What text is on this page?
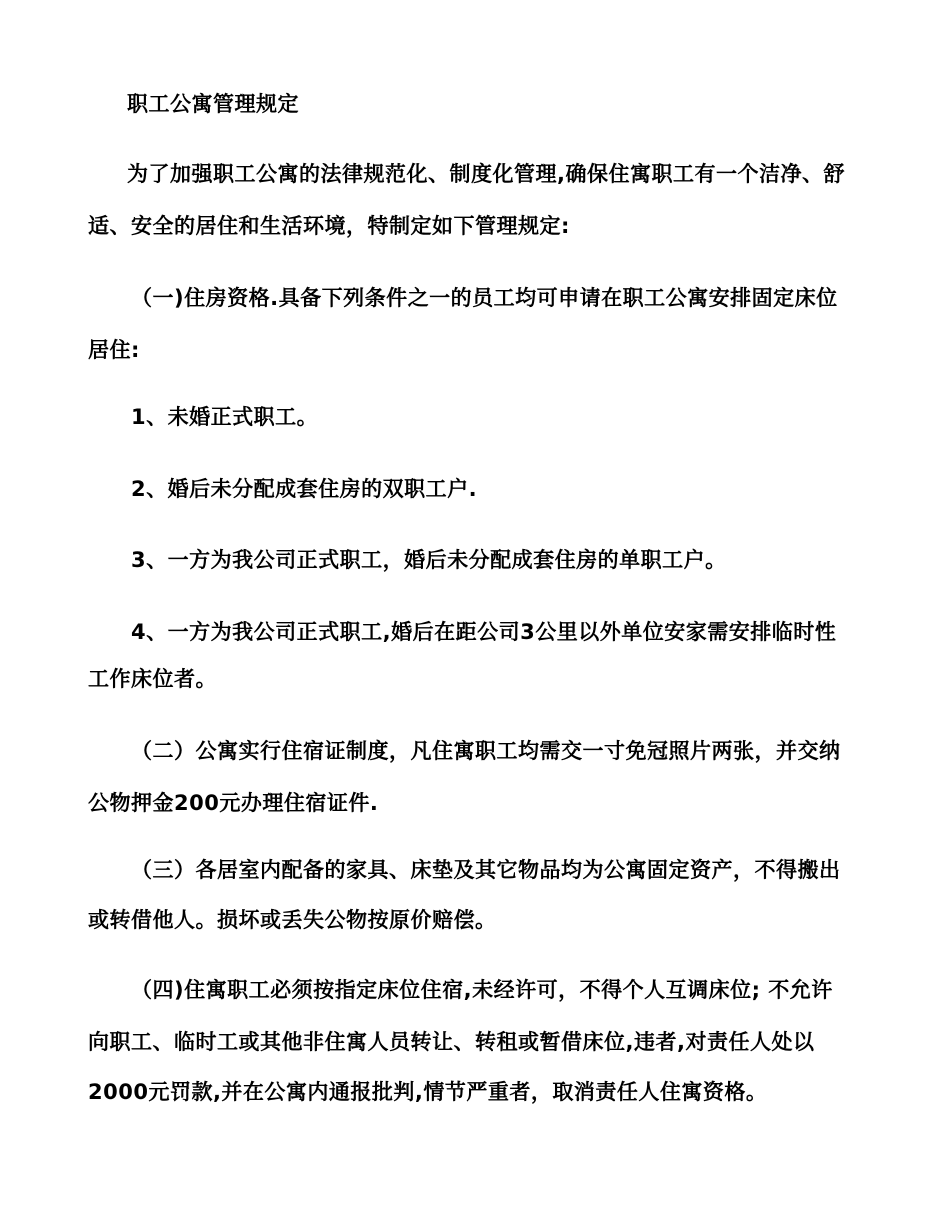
职工公寓管理规定
为了加强职工公寓的法律规范化、制度化管理,确保住寓职工有一个洁净、舒
适、安全的居住和生活环境，特制定如下管理规定:
（一)住房资格.具备下列条件之一的员工均可申请在职工公寓安排固定床位
居住:
1、未婚正式职工。
2、婚后未分配成套住房的双职工户.
3、一方为我公司正式职工，婚后未分配成套住房的单职工户。
4、一方为我公司正式职工,婚后在距公司3公里以外单位安家需安排临时性
工作床位者。
（二）公寓实行住宿证制度，凡住寓职工均需交一寸免冠照片两张，并交纳
公物押金200元办理住宿证件.
（三）各居室内配备的家具、床垫及其它物品均为公寓固定资产，不得搬出
或转借他人。损坏或丢失公物按原价赔偿。
（四)住寓职工必须按指定床位住宿,未经许可，不得个人互调床位; 不允许
向职工、临时工或其他非住寓人员转让、转租或暂借床位,违者,对责任人处以
2000元罚款,并在公寓内通报批判,情节严重者，取消责任人住寓资格。
